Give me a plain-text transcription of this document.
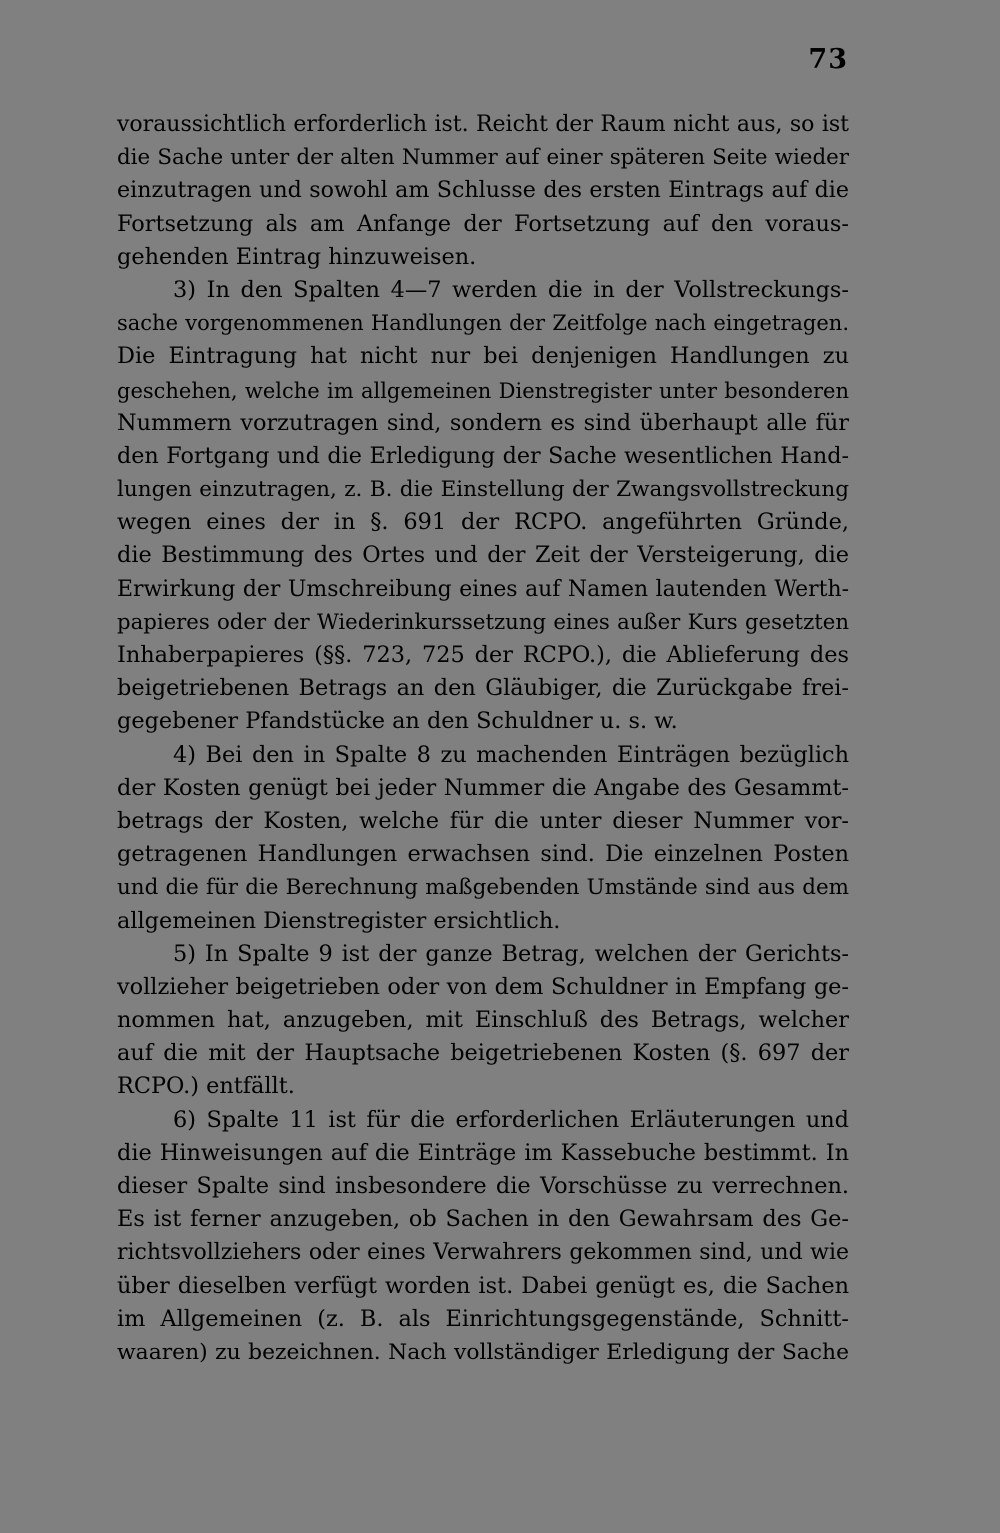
73
voraussichtlich erforderlich ist. Reicht der Raum nicht aus, so ist
die Sache unter der alten Nummer auf einer späteren Seite wieder
einzutragen und sowohl am Schlusse des ersten Eintrags auf die
Fortsetzung als am Anfange der Fortsetzung auf den voraus-
gehenden Eintrag hinzuweisen.
3) In den Spalten 4—7 werden die in der Vollstreckungs-
sache vorgenommenen Handlungen der Zeitfolge nach eingetragen.
Die Eintragung hat nicht nur bei denjenigen Handlungen zu
geschehen, welche im allgemeinen Dienstregister unter besonderen
Nummern vorzutragen sind, sondern es sind überhaupt alle für
den Fortgang und die Erledigung der Sache wesentlichen Hand-
lungen einzutragen, z. B. die Einstellung der Zwangsvollstreckung
wegen eines der in §. 691 der RCPO. angeführten Gründe,
die Bestimmung des Ortes und der Zeit der Versteigerung, die
Erwirkung der Umschreibung eines auf Namen lautenden Werth-
papieres oder der Wiederinkurssetzung eines außer Kurs gesetzten
Inhaberpapieres (§§. 723, 725 der RCPO.), die Ablieferung des
beigetriebenen Betrags an den Gläubiger, die Zurückgabe frei-
gegebener Pfandstücke an den Schuldner u. s. w.
4) Bei den in Spalte 8 zu machenden Einträgen bezüglich
der Kosten genügt bei jeder Nummer die Angabe des Gesammt-
betrags der Kosten, welche für die unter dieser Nummer vor-
getragenen Handlungen erwachsen sind. Die einzelnen Posten
und die für die Berechnung maßgebenden Umstände sind aus dem
allgemeinen Dienstregister ersichtlich.
5) In Spalte 9 ist der ganze Betrag, welchen der Gerichts-
vollzieher beigetrieben oder von dem Schuldner in Empfang ge-
nommen hat, anzugeben, mit Einschluß des Betrags, welcher
auf die mit der Hauptsache beigetriebenen Kosten (§. 697 der
RCPO.) entfällt.
6) Spalte 11 ist für die erforderlichen Erläuterungen und
die Hinweisungen auf die Einträge im Kassebuche bestimmt. In
dieser Spalte sind insbesondere die Vorschüsse zu verrechnen.
Es ist ferner anzugeben, ob Sachen in den Gewahrsam des Ge-
richtsvollziehers oder eines Verwahrers gekommen sind, und wie
über dieselben verfügt worden ist. Dabei genügt es, die Sachen
im Allgemeinen (z. B. als Einrichtungsgegenstände, Schnitt-
waaren) zu bezeichnen. Nach vollständiger Erledigung der Sache
